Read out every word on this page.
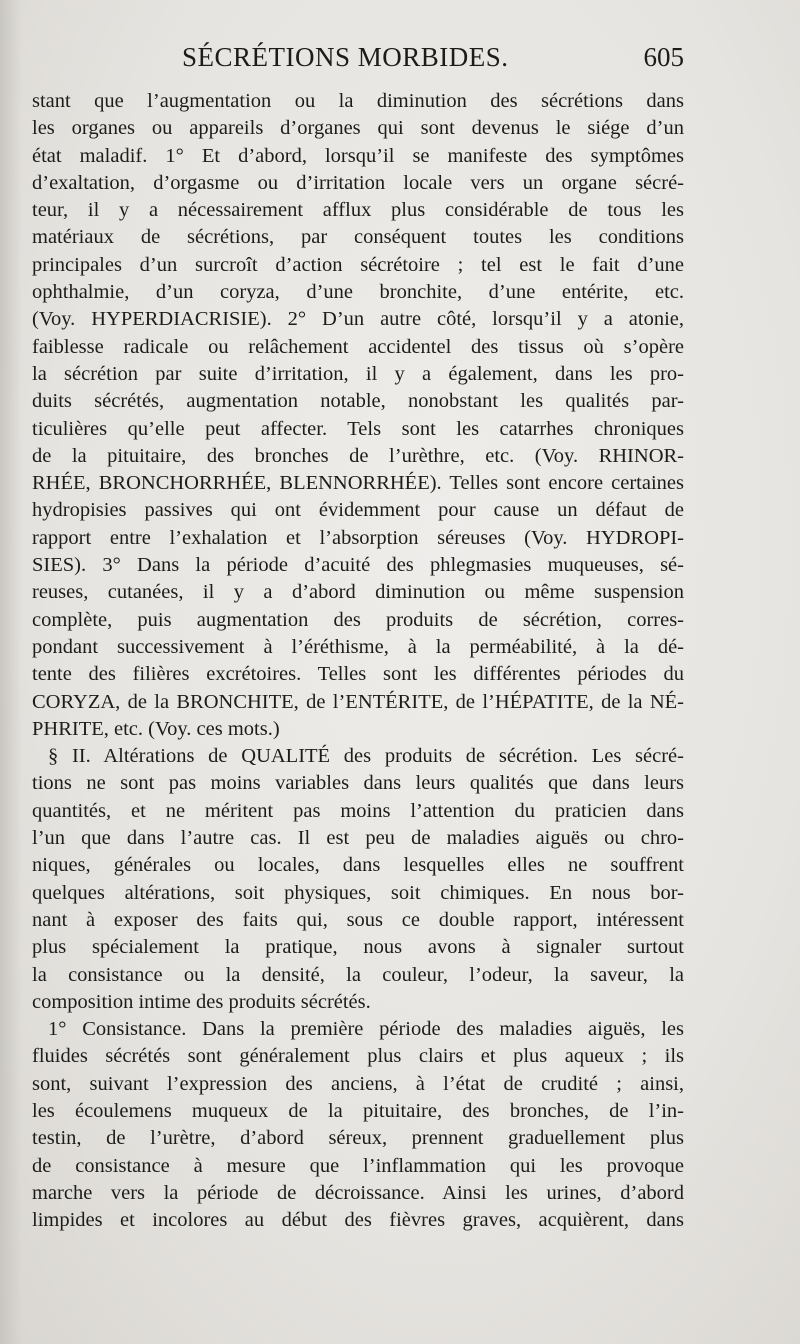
SÉCRÉTIONS MORBIDES.	605
stant que l’augmentation ou la diminution des sécrétions dans
les organes ou appareils d’organes qui sont devenus le siége d’un
état maladif. 1° Et d’abord, lorsqu’il se manifeste des symptômes
d’exaltation, d’orgasme ou d’irritation locale vers un organe sécré-
teur, il y a nécessairement afflux plus considérable de tous les
matériaux de sécrétions, par conséquent toutes les conditions
principales d’un surcroît d’action sécrétoire ; tel est le fait d’une
ophthalmie, d’un coryza, d’une bronchite, d’une entérite, etc.
(Voy. HYPERDIACRISIE). 2° D’un autre côté, lorsqu’il y a atonie,
faiblesse radicale ou relâchement accidentel des tissus où s’opère
la sécrétion par suite d’irritation, il y a également, dans les pro-
duits sécrétés, augmentation notable, nonobstant les qualités par-
ticulières qu’elle peut affecter. Tels sont les catarrhes chroniques
de la pituitaire, des bronches de l’urèthre, etc. (Voy. RHINOR-
RHÉE, BRONCHORRHÉE, BLENNORRHÉE). Telles sont encore certaines
hydropisies passives qui ont évidemment pour cause un défaut de
rapport entre l’exhalation et l’absorption séreuses (Voy. HYDROPI-
SIES). 3° Dans la période d’acuité des phlegmasies muqueuses, sé-
reuses, cutanées, il y a d’abord diminution ou même suspension
complète, puis augmentation des produits de sécrétion, corres-
pondant successivement à l’éréthisme, à la perméabilité, à la dé-
tente des filières excrétoires. Telles sont les différentes périodes du
CORYZA, de la BRONCHITE, de l’ENTÉRITE, de l’HÉPATITE, de la NÉ-
PHRITE, etc. (Voy. ces mots.)
§ II. Altérations de QUALITÉ des produits de sécrétion. Les sécré-
tions ne sont pas moins variables dans leurs qualités que dans leurs
quantités, et ne méritent pas moins l’attention du praticien dans
l’un que dans l’autre cas. Il est peu de maladies aiguës ou chro-
niques, générales ou locales, dans lesquelles elles ne souffrent
quelques altérations, soit physiques, soit chimiques. En nous bor-
nant à exposer des faits qui, sous ce double rapport, intéressent
plus spécialement la pratique, nous avons à signaler surtout
la consistance ou la densité, la couleur, l’odeur, la saveur, la
composition intime des produits sécrétés.
1° Consistance. Dans la première période des maladies aiguës, les
fluides sécrétés sont généralement plus clairs et plus aqueux ; ils
sont, suivant l’expression des anciens, à l’état de crudité ; ainsi,
les écoulemens muqueux de la pituitaire, des bronches, de l’in-
testin, de l’urètre, d’abord séreux, prennent graduellement plus
de consistance à mesure que l’inflammation qui les provoque
marche vers la période de décroissance. Ainsi les urines, d’abord
limpides et incolores au début des fièvres graves, acquièrent, dans
